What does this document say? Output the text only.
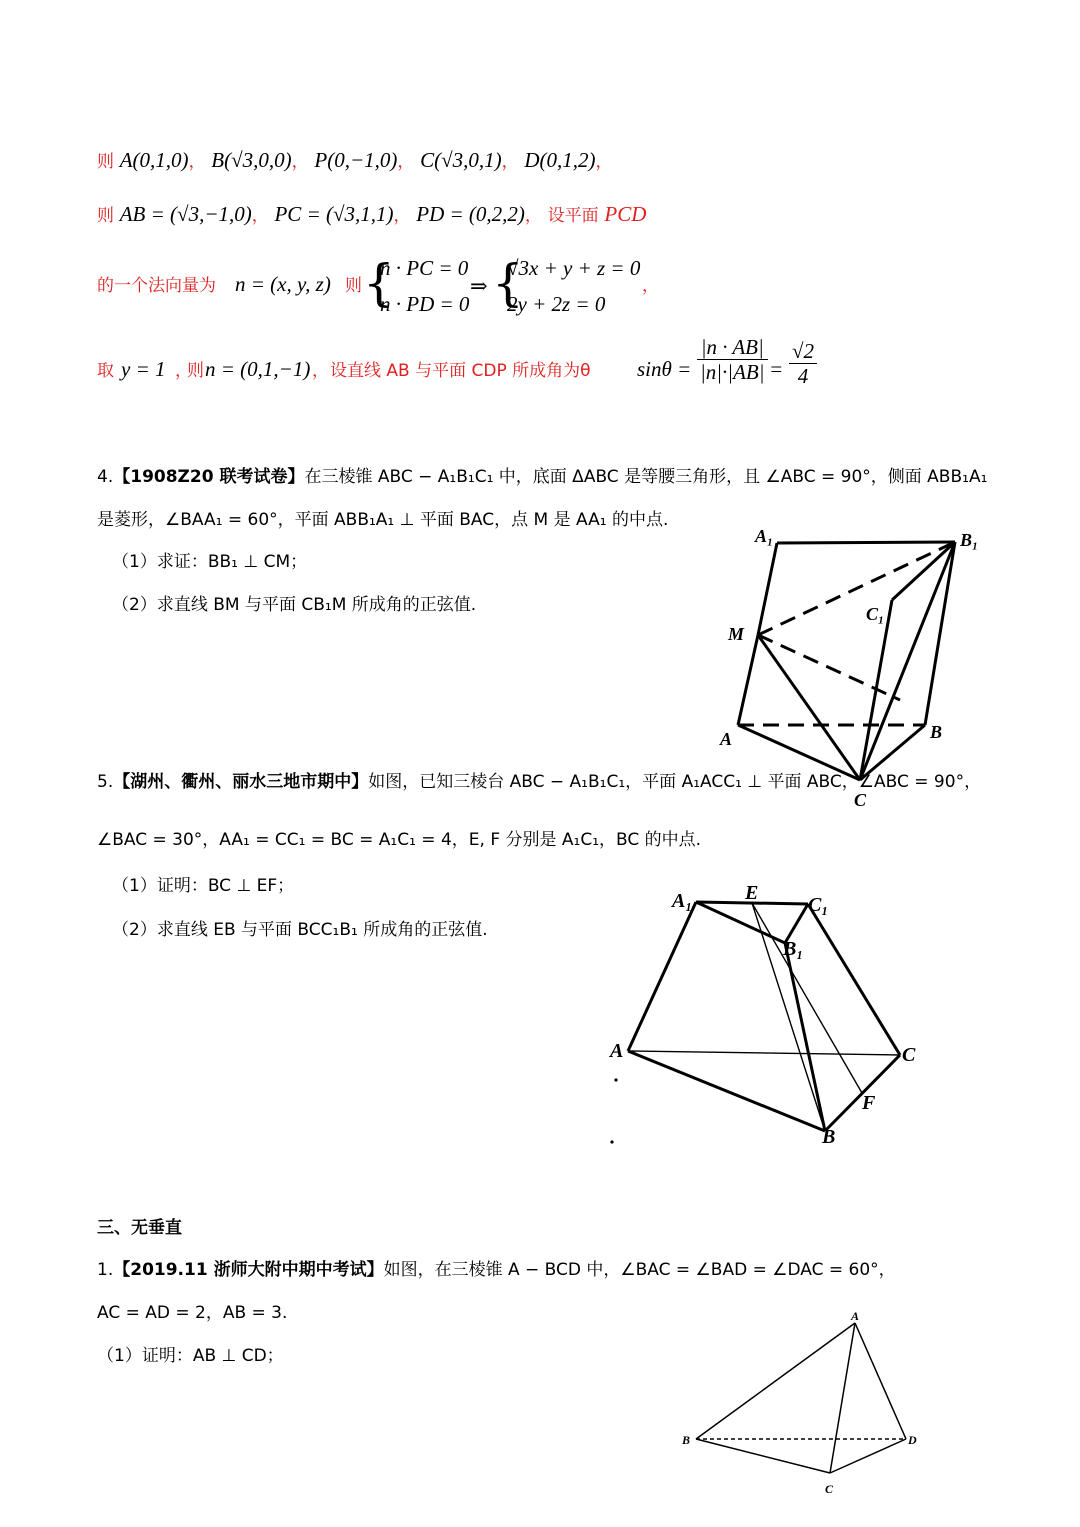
则 A(0,1,0)， B(√3,0,0)， P(0,−1,0)， C(√3,0,1)， D(0,1,2)，
则 AB = (√3,−1,0)， PC = (√3,1,1)， PD = (0,2,2)， 设平面 PCD
的一个法向量为 n = (x, y, z) 则 {
n · PC = 0
n · PD = 0
⇒ {
√3x + y + z = 0
2y + 2z = 0
，
取 y = 1 ，
则 n = (0,1,−1) ， 设直线 AB 与平面 CDP 所成角为θ $\sin\theta = \frac{|n \cdot AB|}{|n|\cdot|AB|} = \frac{√2}{4}$
4.【1908Z20 联考试卷】在三棱锥 ABC − A₁B₁C₁ 中，底面 ΔABC 是等腰三角形，且 ∠ABC = 90°，侧面 ABB₁A₁
是菱形，∠BAA₁ = 60°，平面 ABB₁A₁ ⊥ 平面 BAC，点 M 是 AA₁ 的中点.
（1）求证：BB₁ ⊥ CM；
（2）求直线 BM 与平面 CB₁M 所成角的正弦值.
A₁	B₁
C₁
M
A	B
C
5.【湖州、衢州、丽水三地市期中】如图，已知三棱台 ABC − A₁B₁C₁，平面 A₁ACC₁ ⊥ 平面 ABC，∠ABC = 90°，
∠BAC = 30°，AA₁ = CC₁ = BC = A₁C₁ = 4，E, F 分别是 A₁C₁，BC 的中点.
（1）证明：BC ⊥ EF；
（2）求直线 EB 与平面 BCC₁B₁ 所成角的正弦值.
A₁	E
C₁
B₁
A	C
F
B
三、无垂直
1.【2019.11 浙师大附中期中考试】如图，在三棱锥 A − BCD 中，∠BAC = ∠BAD = ∠DAC = 60°，
AC = AD = 2，AB = 3.
（1）证明：AB ⊥ CD；
A
B
C
D
